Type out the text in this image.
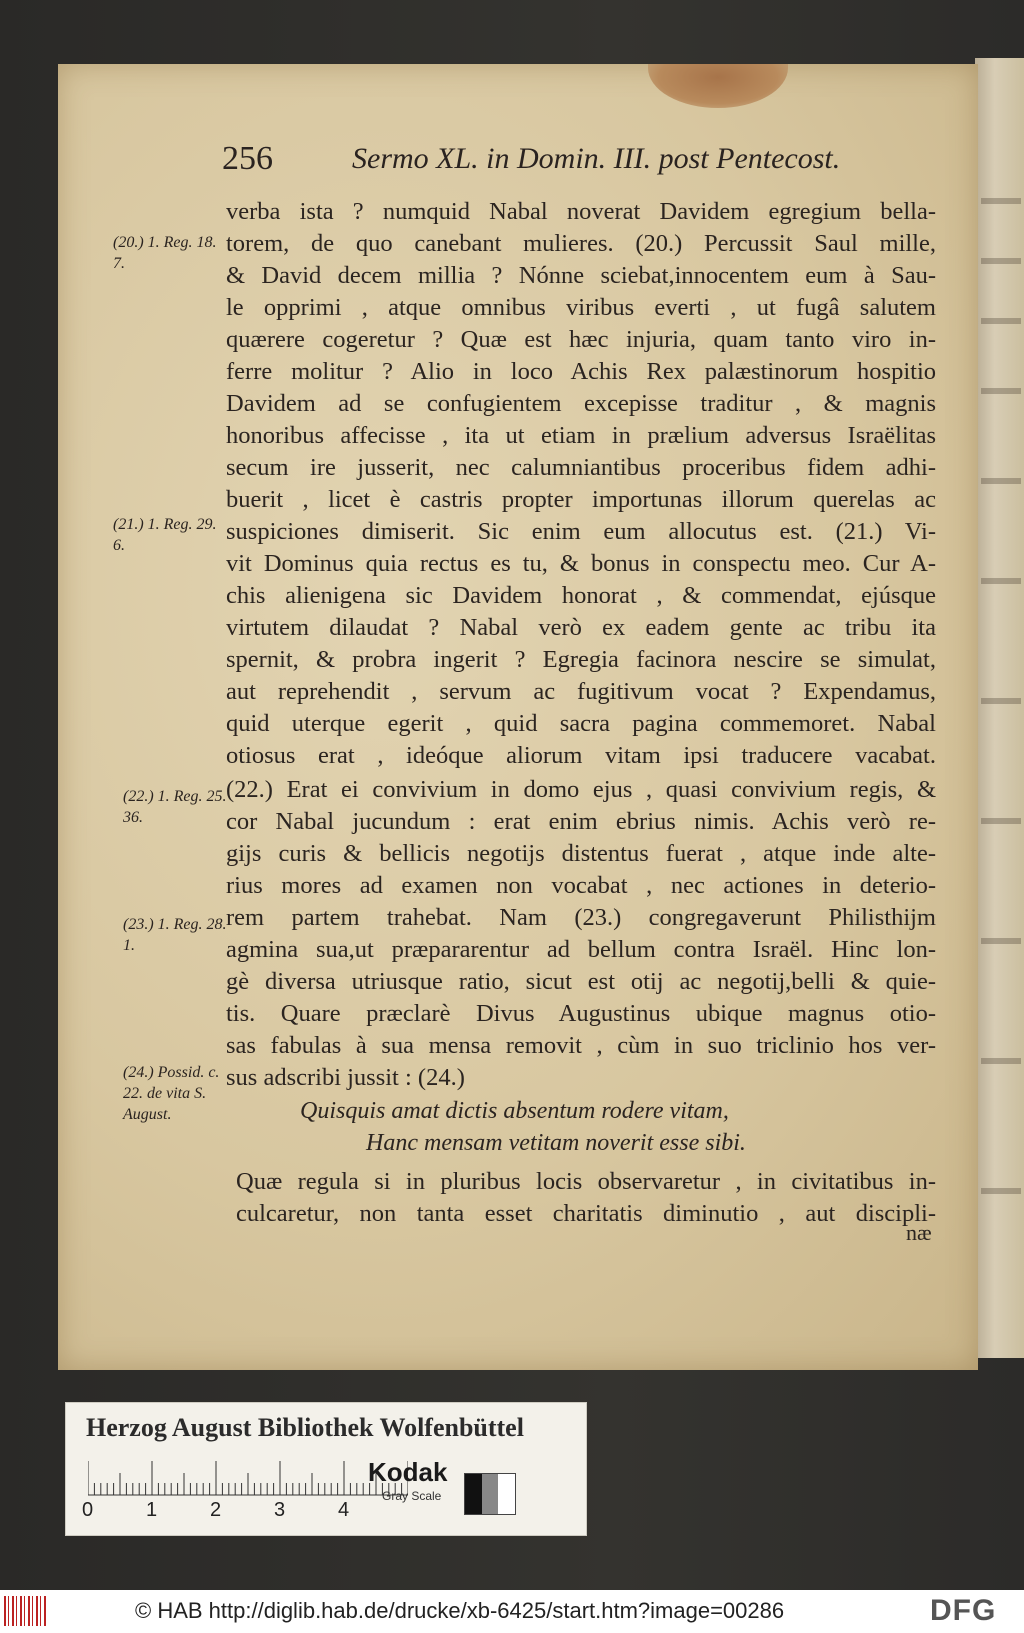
256	Sermo XL. in Domin. III. post Pentecost.
verba ista ? numquid Nabal noverat Davidem egregium bella-
torem, de quo canebant mulieres. (20.) Percussit Saul mille,
& David decem millia ? Nónne sciebat,innocentem eum à Sau-
le opprimi , atque omnibus viribus everti , ut fugâ salutem
quærere cogeretur ? Quæ est hæc injuria, quam tanto viro in-
ferre molitur ? Alio in loco Achis Rex palæstinorum hospitio
Davidem ad se confugientem excepisse traditur , & magnis
honoribus affecisse , ita ut etiam in prælium adversus Israëlitas
secum ire jusserit, nec calumniantibus proceribus fidem adhi-
buerit , licet è castris propter importunas illorum querelas ac
suspiciones dimiserit. Sic enim eum allocutus est. (21.) Vi-
vit Dominus quia rectus es tu, & bonus in conspectu meo. Cur A-
chis alienigena sic Davidem honorat , & commendat, ejúsque
virtutem dilaudat ? Nabal verò ex eadem gente ac tribu ita
spernit, & probra ingerit ? Egregia facinora nescire se simulat,
aut reprehendit , servum ac fugitivum vocat ? Expendamus,
quid uterque egerit , quid sacra pagina commemoret. Nabal
otiosus erat , ideóque aliorum vitam ipsi traducere vacabat.
(22.) Erat ei convivium in domo ejus , quasi convivium regis, &
cor Nabal jucundum : erat enim ebrius nimis. Achis verò re-
gijs curis & bellicis negotijs distentus fuerat , atque inde alte-
rius mores ad examen non vocabat , nec actiones in deterio-
rem partem trahebat. Nam (23.) congregaverunt Philisthijm
agmina sua,ut præpararentur ad bellum contra Israël. Hinc lon-
gè diversa utriusque ratio, sicut est otij ac negotij,belli & quie-
tis. Quare præclarè Divus Augustinus ubique magnus otio-
sas fabulas à sua mensa removit , cùm in suo triclinio hos ver-
sus adscribi jussit : (24.)
Quisquis amat dictis absentum rodere vitam,
Hanc mensam vetitam noverit esse sibi.
Quæ regula si in pluribus locis observaretur , in civitatibus in-
culcaretur, non tanta esset charitatis diminutio , aut discipli-
næ
(20.) 1. Reg. 18. 7.
(21.) 1. Reg. 29. 6.
(22.) 1. Reg. 25. 36.
(23.) 1. Reg. 28. 1.
(24.) Possid. c. 22. de vita S. August.
Herzog August Bibliothek Wolfenbüttel
0	1	2	3	4
Kodak
Gray Scale
© HAB http://diglib.hab.de/drucke/xb-6425/start.htm?image=00286	DFG
